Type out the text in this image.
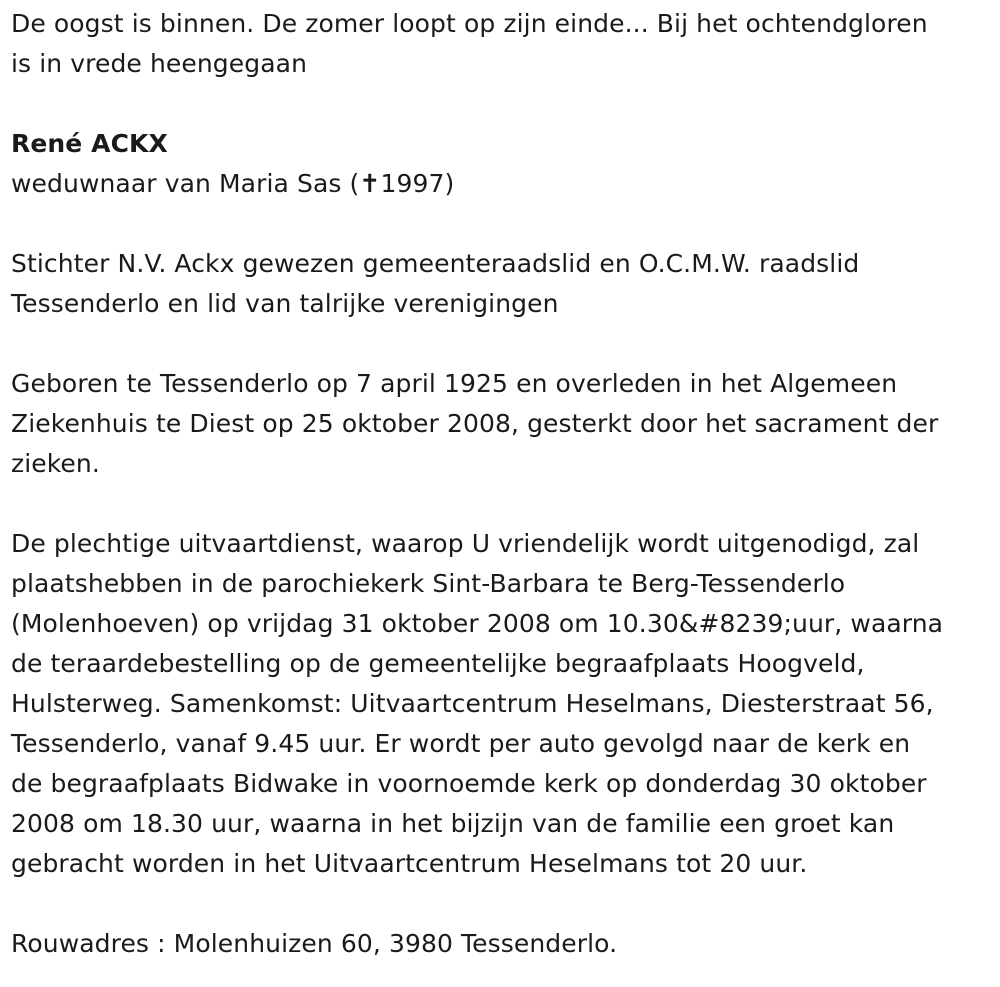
De oogst is binnen. De zomer loopt op zijn einde... Bij het ochtendgloren
is in vrede heengegaan

René ACKX

weduwnaar van Maria Sas (✝1997)

Stichter N.V. Ackx gewezen gemeenteraadslid en O.C.M.W. raadslid
Tessenderlo en lid van talrijke verenigingen

Geboren te Tessenderlo op 7 april 1925 en overleden in het Algemeen
Ziekenhuis te Diest op 25 oktober 2008, gesterkt door het sacrament der
zieken.

De plechtige uitvaartdienst, waarop U vriendelijk wordt uitgenodigd, zal
plaatshebben in de parochiekerk Sint-Barbara te Berg-Tessenderlo
(Molenhoeven) op vrijdag 31 oktober 2008 om 10.30&#8239;uur, waarna
de teraardebestelling op de gemeentelijke begraafplaats Hoogveld,
Hulsterweg. Samenkomst: Uitvaartcentrum Heselmans, Diesterstraat 56,
Tessenderlo, vanaf 9.45 uur. Er wordt per auto gevolgd naar de kerk en
de begraafplaats Bidwake in voornoemde kerk op donderdag 30 oktober
2008 om 18.30 uur, waarna in het bijzijn van de familie een groet kan
gebracht worden in het Uitvaartcentrum Heselmans tot 20 uur.

Rouwadres : Molenhuizen 60, 3980 Tessenderlo.
